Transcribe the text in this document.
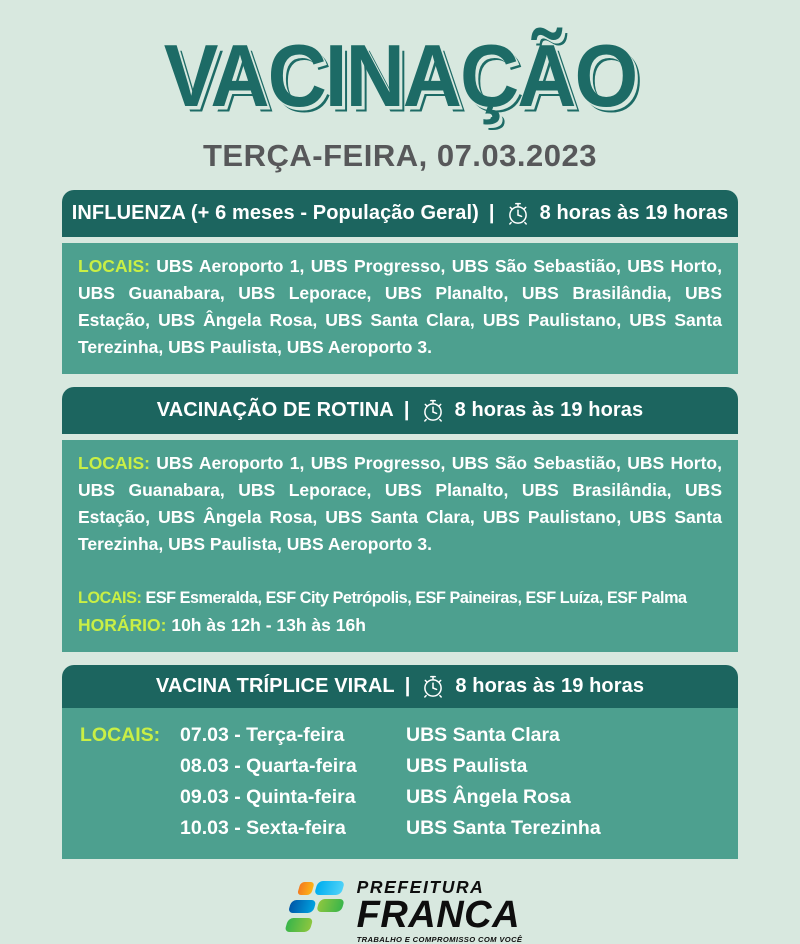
VACINAÇÃO
TERÇA-FEIRA, 07.03.2023
INFLUENZA (+ 6 meses - População Geral) | 8 horas às 19 horas

LOCAIS: UBS Aeroporto 1, UBS Progresso, UBS São Sebastião, UBS Horto, UBS Guanabara, UBS Leporace, UBS Planalto, UBS Brasilândia, UBS Estação, UBS Ângela Rosa, UBS Santa Clara, UBS Paulistano, UBS Santa Terezinha, UBS Paulista, UBS Aeroporto 3.

VACINAÇÃO DE ROTINA | 8 horas às 19 horas

LOCAIS: UBS Aeroporto 1, UBS Progresso, UBS São Sebastião, UBS Horto, UBS Guanabara, UBS Leporace, UBS Planalto, UBS Brasilândia, UBS Estação, UBS Ângela Rosa, UBS Santa Clara, UBS Paulistano, UBS Santa Terezinha, UBS Paulista, UBS Aeroporto 3.

LOCAIS: ESF Esmeralda, ESF City Petrópolis, ESF Paineiras, ESF Luíza, ESF Palma

HORÁRIO: 10h às 12h - 13h às 16h

VACINA TRÍPLICE VIRAL | 8 horas às 19 horas
LOCAIS:	07.03 - Terça-feira	UBS Santa Clara
08.03 - Quarta-feira	UBS Paulista
09.03 - Quinta-feira	UBS Ângela Rosa
10.03 - Sexta-feira	UBS Santa Terezinha
PREFEITURA
FRANCA
TRABALHO E COMPROMISSO COM VOCÊ
